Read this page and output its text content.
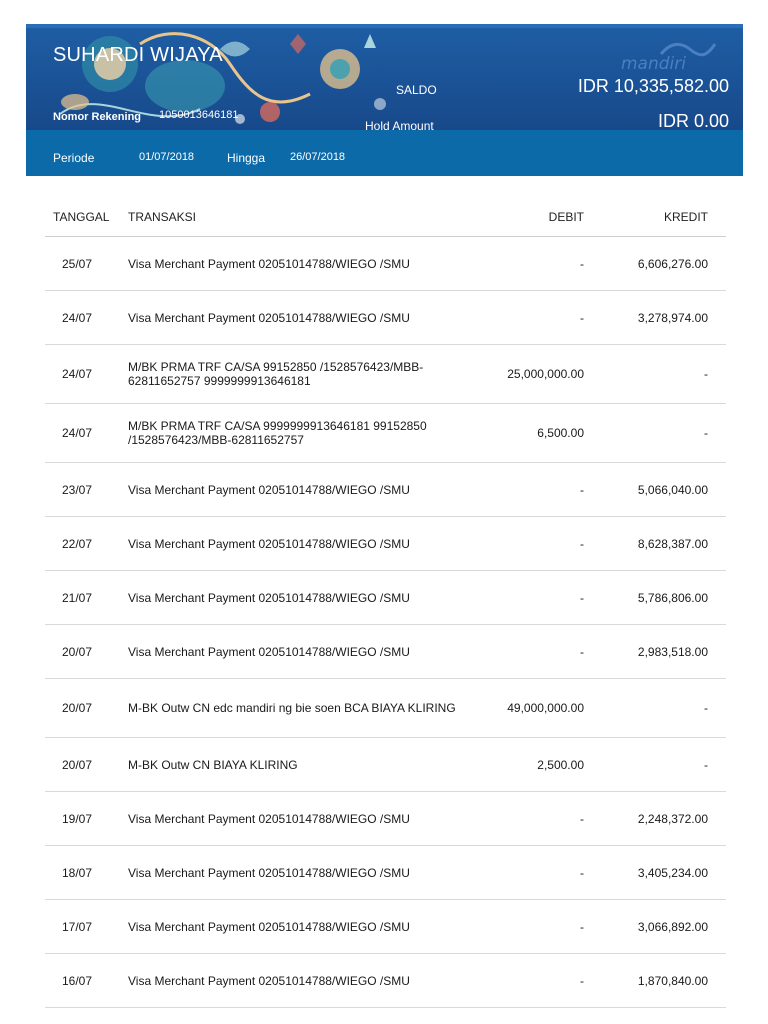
mandiri
SUHARDI WIJAYA
Nomor Rekening 1050013646181
SALDO	IDR 10,335,582.00
Hold Amount	IDR 0.00
Periode	01/07/2018	Hingga 26/07/2018
TANGGAL TRANSAKSI	DEBIT	KREDIT
25/07	Visa Merchant Payment 02051014788/WIEGO /SMU	-	6,606,276.00
24/07	Visa Merchant Payment 02051014788/WIEGO /SMU	-	3,278,974.00
24/07	M/BK PRMA TRF CA/SA 99152850 /1528576423/MBB-62811652757 9999999913646181	25,000,000.00	-
24/07	M/BK PRMA TRF CA/SA 9999999913646181 99152850 /1528576423/MBB-62811652757	6,500.00	-
23/07	Visa Merchant Payment 02051014788/WIEGO /SMU	-	5,066,040.00
22/07	Visa Merchant Payment 02051014788/WIEGO /SMU	-	8,628,387.00
21/07	Visa Merchant Payment 02051014788/WIEGO /SMU	-	5,786,806.00
20/07	Visa Merchant Payment 02051014788/WIEGO /SMU	-	2,983,518.00
20/07	M-BK Outw CN edc mandiri ng bie soen BCA BIAYA KLIRING	49,000,000.00	-
20/07	M-BK Outw CN BIAYA KLIRING	2,500.00	-
19/07	Visa Merchant Payment 02051014788/WIEGO /SMU	-	2,248,372.00
18/07	Visa Merchant Payment 02051014788/WIEGO /SMU	-	3,405,234.00
17/07	Visa Merchant Payment 02051014788/WIEGO /SMU	-	3,066,892.00
16/07	Visa Merchant Payment 02051014788/WIEGO /SMU	-	1,870,840.00
